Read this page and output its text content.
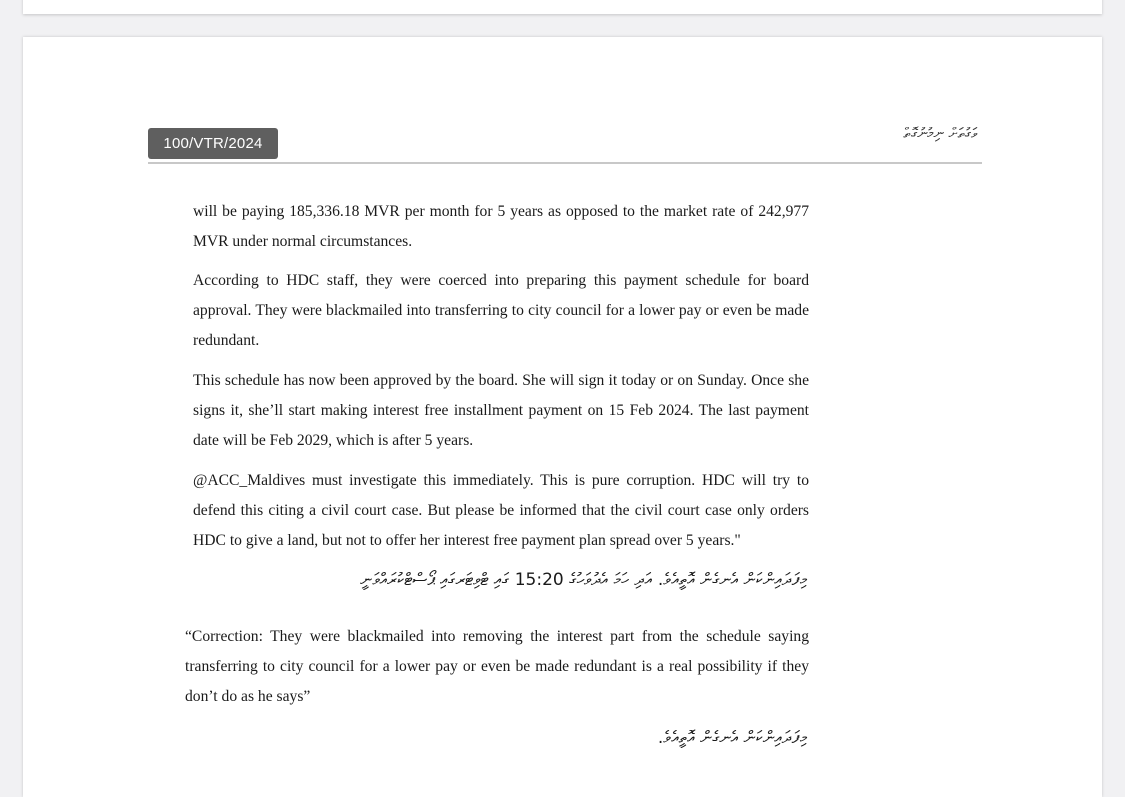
100/VTR/2024
ވަގުތަށް ނިމުނުގޮތް
will be paying 185,336.18 MVR per month for 5 years as opposed to the market rate of 242,977 MVR under normal circumstances.
According to HDC staff, they were coerced into preparing this payment schedule for board approval. They were blackmailed into transferring to city council for a lower pay or even be made redundant.
This schedule has now been approved by the board. She will sign it today or on Sunday. Once she signs it, she’ll start making interest free installment payment on 15 Feb 2024. The last payment date will be Feb 2029, which is after 5 years.
@ACC_Maldives must investigate this immediately. This is pure corruption. HDC will try to defend this citing a civil court case. But please be informed that the civil court case only orders HDC to give a land, but not to offer her interest free payment plan spread over 5 years."
މިފަދައިންކަން އެނގެން އޮތީއެވެ. އަދި ހަމަ އެދުވަހުގެ 15:20 ގައި ޓްވިޓަރގައި ޕޯސްޓްކުރައްވަނީ
“Correction: They were blackmailed into removing the interest part from the schedule saying transferring to city council for a lower pay or even be made redundant is a real possibility if they don’t do as he says”
މިފަދައިންކަން އެނގެން އޮތީއެވެ.
